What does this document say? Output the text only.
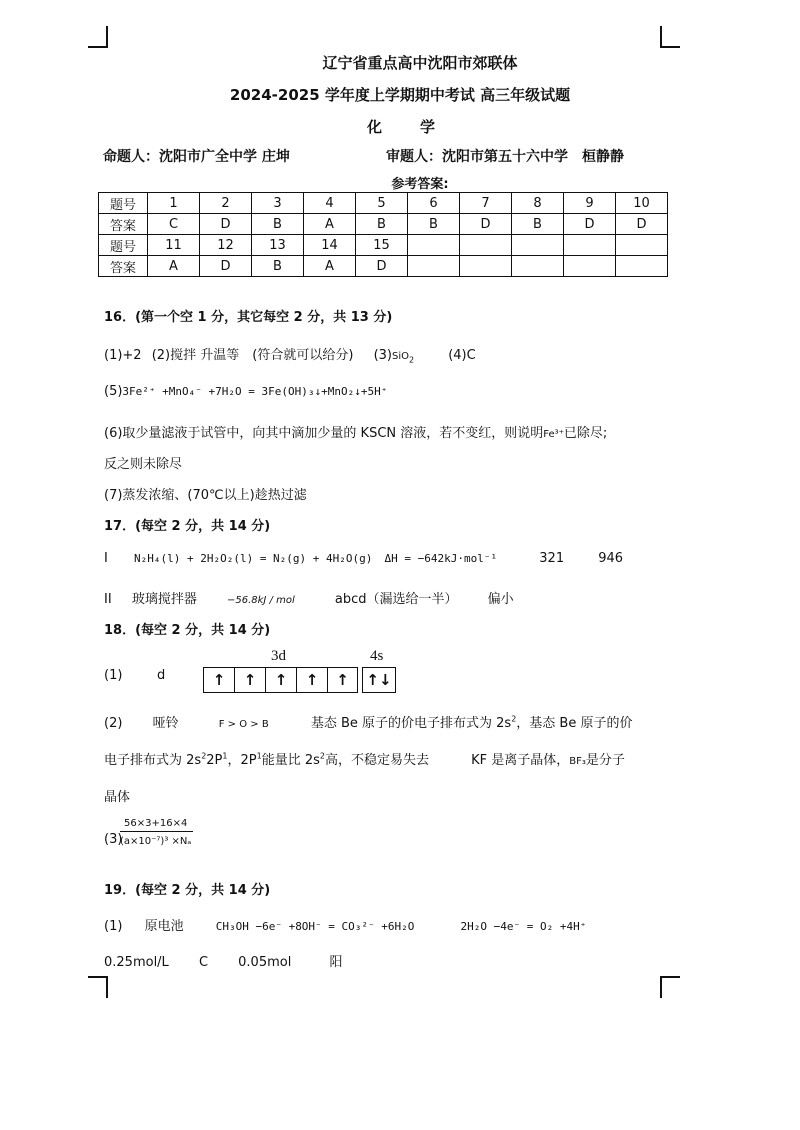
辽宁省重点高中沈阳市郊联体
2024-2025 学年度上学期期中考试 高三年级试题
化学
命题人：沈阳市广全中学 庄坤	审题人：沈阳市第五十六中学　桓静静
参考答案:
题号	1	2	3	4	5	6	7	8	9	10
答案	C	D	B	A	B	B	D	B	D	D
题号	11	12	13	14	15					
答案	A	D	B	A	D					
16．(第一个空 1 分，其它每空 2 分，共 13 分)
(1)+2 (2)搅拌 升温等　(符合就可以给分) (3)SiO$_2$	(4)C
(5)3Fe²⁺ +MnO₄⁻ +7H₂O = 3Fe(OH)₃↓+MnO₂↓+5H⁺
(6)取少量滤液于试管中，向其中滴加少量的 KSCN 溶液，若不变红，则说明Fe³⁺已除尽;
反之则未除尽
(7)蒸发浓缩、(70℃以上)趁热过滤
17．(每空 2 分，共 14 分)
I N₂H₄(l) + 2H₂O₂(l) = N₂(g) + 4H₂O(g) ΔH = −642kJ·mol⁻¹	321	946
II 玻璃搅拌器	−56.8kJ / mol	abcd（漏选给一半） 偏小
18．(每空 2 分，共 14 分)
(1)	d
3d	4s
↑	↑	↑	↑	↑	↑↓
(2) 哑铃	F > O > B	基态 Be 原子的价电子排布式为 $2s^2$，基态 Be 原子的价
电子排布式为 $2s^22P^1$，$2P^1$能量比 $2s^2$高，不稳定易失去	KF 是离子晶体，BF₃是分子
晶体
(3)
$\frac{56\times 3+16\times 4}{\text{(a×10⁻⁷)³ ×Nₐ}}$
19．(每空 2 分，共 14 分)
(1) 原电池	CH₃OH −6e⁻ +8OH⁻ = CO₃²⁻ +6H₂O	2H₂O −4e⁻ = O₂ +4H⁺
0.25mol/L C 0.05mol	阳
